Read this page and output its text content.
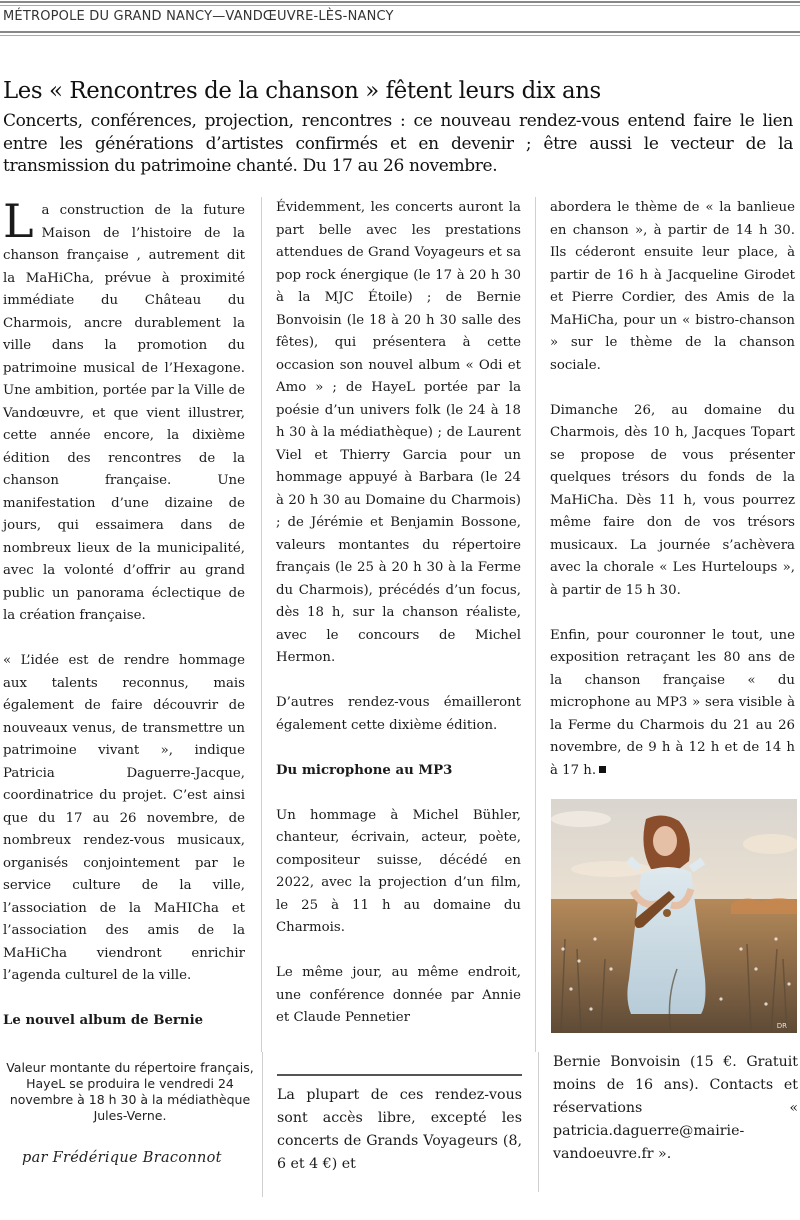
MÉTROPOLE DU GRAND NANCY—VANDŒUVRE-LÈS-NANCY
Les « Rencontres de la chanson » fêtent leurs dix ans

Concerts, conférences, projection, rencontres : ce nouveau rendez-vous entend faire le lien entre les générations d’artistes confirmés et en devenir ; être aussi le vecteur de la transmission du patrimoine chanté. Du 17 au 26 novembre.

La construction de la future Maison de l’histoire de la chanson française , autrement dit la MaHiCha, prévue à proximité immédiate du Château du Charmois, ancre durablement la ville dans la promotion du patrimoine musical de l’Hexagone. Une ambition, portée par la Ville de Vandœuvre, et que vient illustrer, cette année encore, la dixième édition des rencontres de la chanson française. Une manifestation d’une dizaine de jours, qui essaimera dans de nombreux lieux de la municipalité, avec la volonté d’offrir au grand public un panorama éclectique de la création française.

« L’idée est de rendre hommage aux talents reconnus, mais également de faire découvrir de nouveaux venus, de transmettre un patrimoine vivant », indique Patricia Daguerre-Jacque, coordinatrice du projet. C’est ainsi que du 17 au 26 novembre, de nombreux rendez-vous musicaux, organisés conjointement par le service culture de la ville, l’association de la MaHICha et l’association des amis de la MaHiCha viendront enrichir l’agenda culturel de la ville.

Le nouvel album de Bernie

Évidemment, les concerts auront la part belle avec les prestations attendues de Grand Voyageurs et sa pop rock énergique (le 17 à 20 h 30 à la MJC Étoile) ; de Bernie Bonvoisin (le 18 à 20 h 30 salle des fêtes), qui présentera à cette occasion son nouvel album « Odi et Amo » ; de HayeL portée par la poésie d’un univers folk (le 24 à 18 h 30 à la médiathèque) ; de Laurent Viel et Thierry Garcia pour un hommage appuyé à Barbara (le 24 à 20 h 30 au Domaine du Charmois) ; de Jérémie et Benjamin Bossone, valeurs montantes du répertoire français (le 25 à 20 h 30 à la Ferme du Charmois), précédés d’un focus, dès 18 h, sur la chanson réaliste, avec le concours de Michel Hermon.

D’autres rendez-vous émailleront également cette dixième édition.

Du microphone au MP3

Un hommage à Michel Bühler, chanteur, écrivain, acteur, poète, compositeur suisse, décédé en 2022, avec la projection d’un film, le 25 à 11 h au domaine du Charmois.

Le même jour, au même endroit, une conférence donnée par Annie et Claude Pennetier

abordera le thème de « la banlieue en chanson », à partir de 14 h 30. Ils céderont ensuite leur place, à partir de 16 h à Jacqueline Girodet et Pierre Cordier, des Amis de la MaHiCha, pour un « bistro-chanson » sur le thème de la chanson sociale.

Dimanche 26, au domaine du Charmois, dès 10 h, Jacques Topart se propose de vous présenter quelques trésors du fonds de la MaHiCha. Dès 11 h, vous pourrez même faire don de vos trésors musicaux. La journée s’achèvera avec la chorale « Les Hurteloups », à partir de 15 h 30.

Enfin, pour couronner le tout, une exposition retraçant les 80 ans de la chanson française « du microphone au MP3 » sera visible à la Ferme du Charmois du 21 au 26 novembre, de 9 h à 12 h et de 14 h à 17 h.

DR
Valeur montante du répertoire français, HayeL se produira le vendredi 24 novembre à 18 h 30 à la médiathèque Jules-Verne.
par Frédérique Braconnot
La plupart de ces rendez-vous sont accès libre, excepté les concerts de Grands Voyageurs (8, 6 et 4 €) et
Bernie Bonvoisin (15 €. Gratuit moins de 16 ans). Contacts et réservations « patricia.daguerre@mairie-vandoeuvre.fr ».
